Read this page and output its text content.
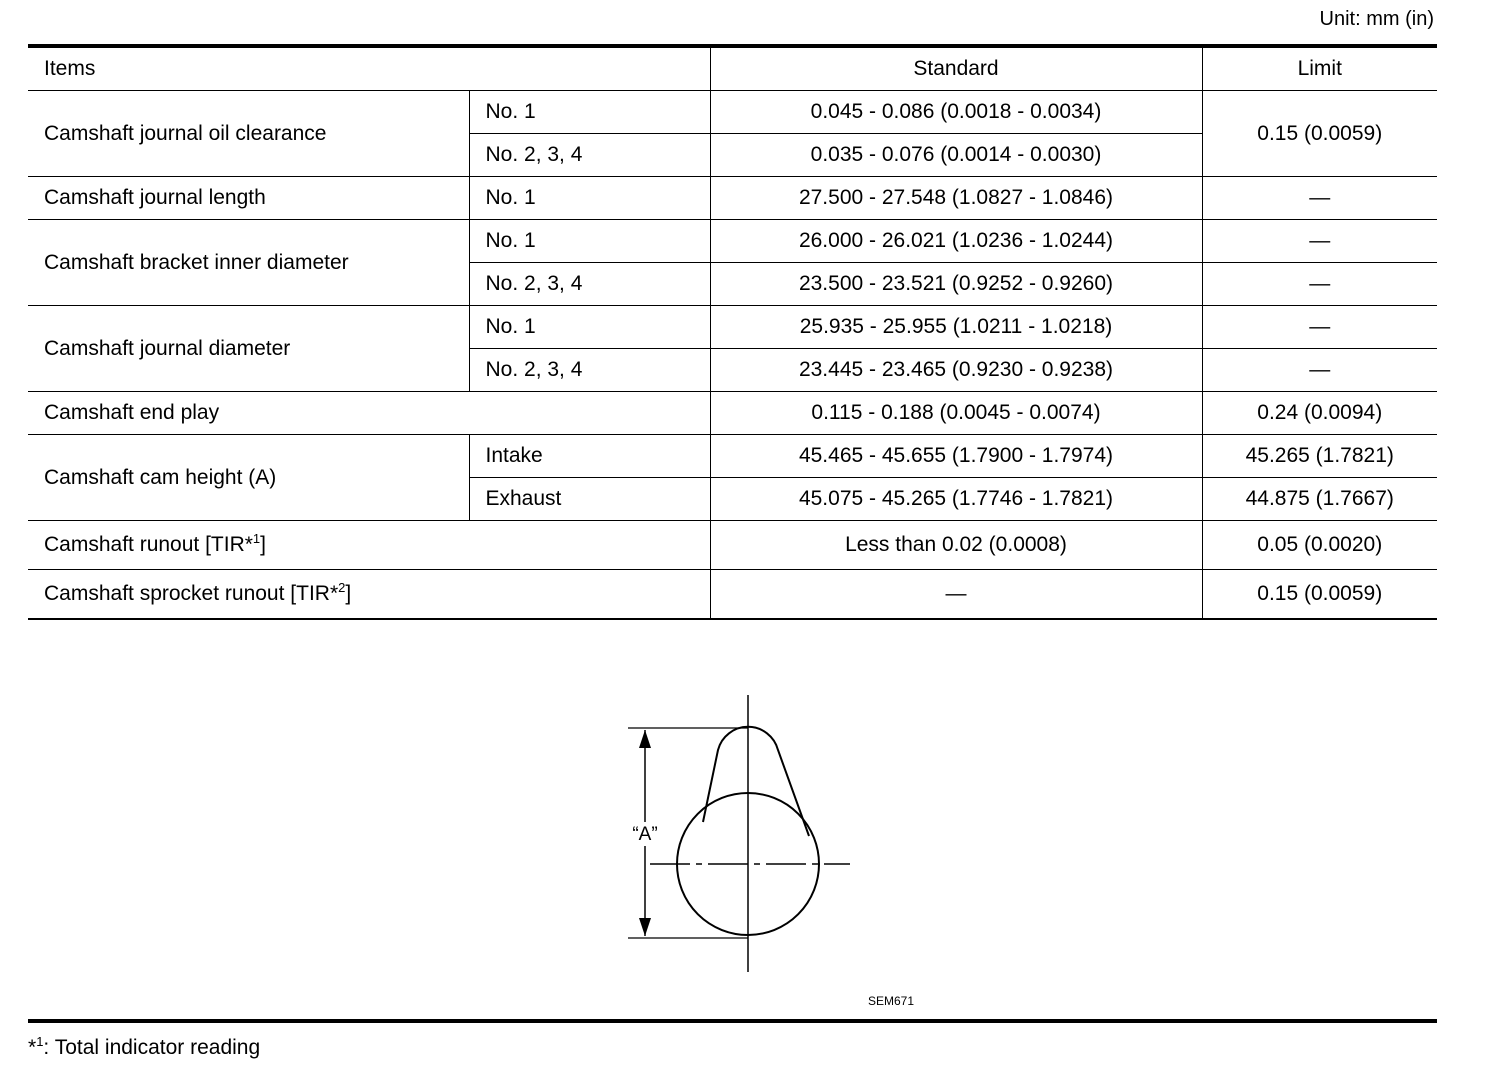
Unit: mm (in)
Items		Standard	Limit
Camshaft journal oil clearance	No. 1	0.045 - 0.086 (0.0018 - 0.0034)	0.15 (0.0059)
	No. 2, 3, 4	0.035 - 0.076 (0.0014 - 0.0030)	
Camshaft journal length	No. 1	27.500 - 27.548 (1.0827 - 1.0846)	—
Camshaft bracket inner diameter	No. 1	26.000 - 26.021 (1.0236 - 1.0244)	—
	No. 2, 3, 4	23.500 - 23.521 (0.9252 - 0.9260)	—
Camshaft journal diameter	No. 1	25.935 - 25.955 (1.0211 - 1.0218)	—
	No. 2, 3, 4	23.445 - 23.465 (0.9230 - 0.9238)	—
Camshaft end play		0.115 - 0.188 (0.0045 - 0.0074)	0.24 (0.0094)
Camshaft cam height (A)	Intake	45.465 - 45.655 (1.7900 - 1.7974)	45.265 (1.7821)
	Exhaust	45.075 - 45.265 (1.7746 - 1.7821)	44.875 (1.7667)
Camshaft runout [TIR*$^1$]		Less than 0.02 (0.0008)	0.05 (0.0020)
Camshaft sprocket runout [TIR*$^2$]		—	0.15 (0.0059)
“A”
SEM671
*$^1$: Total indicator reading
